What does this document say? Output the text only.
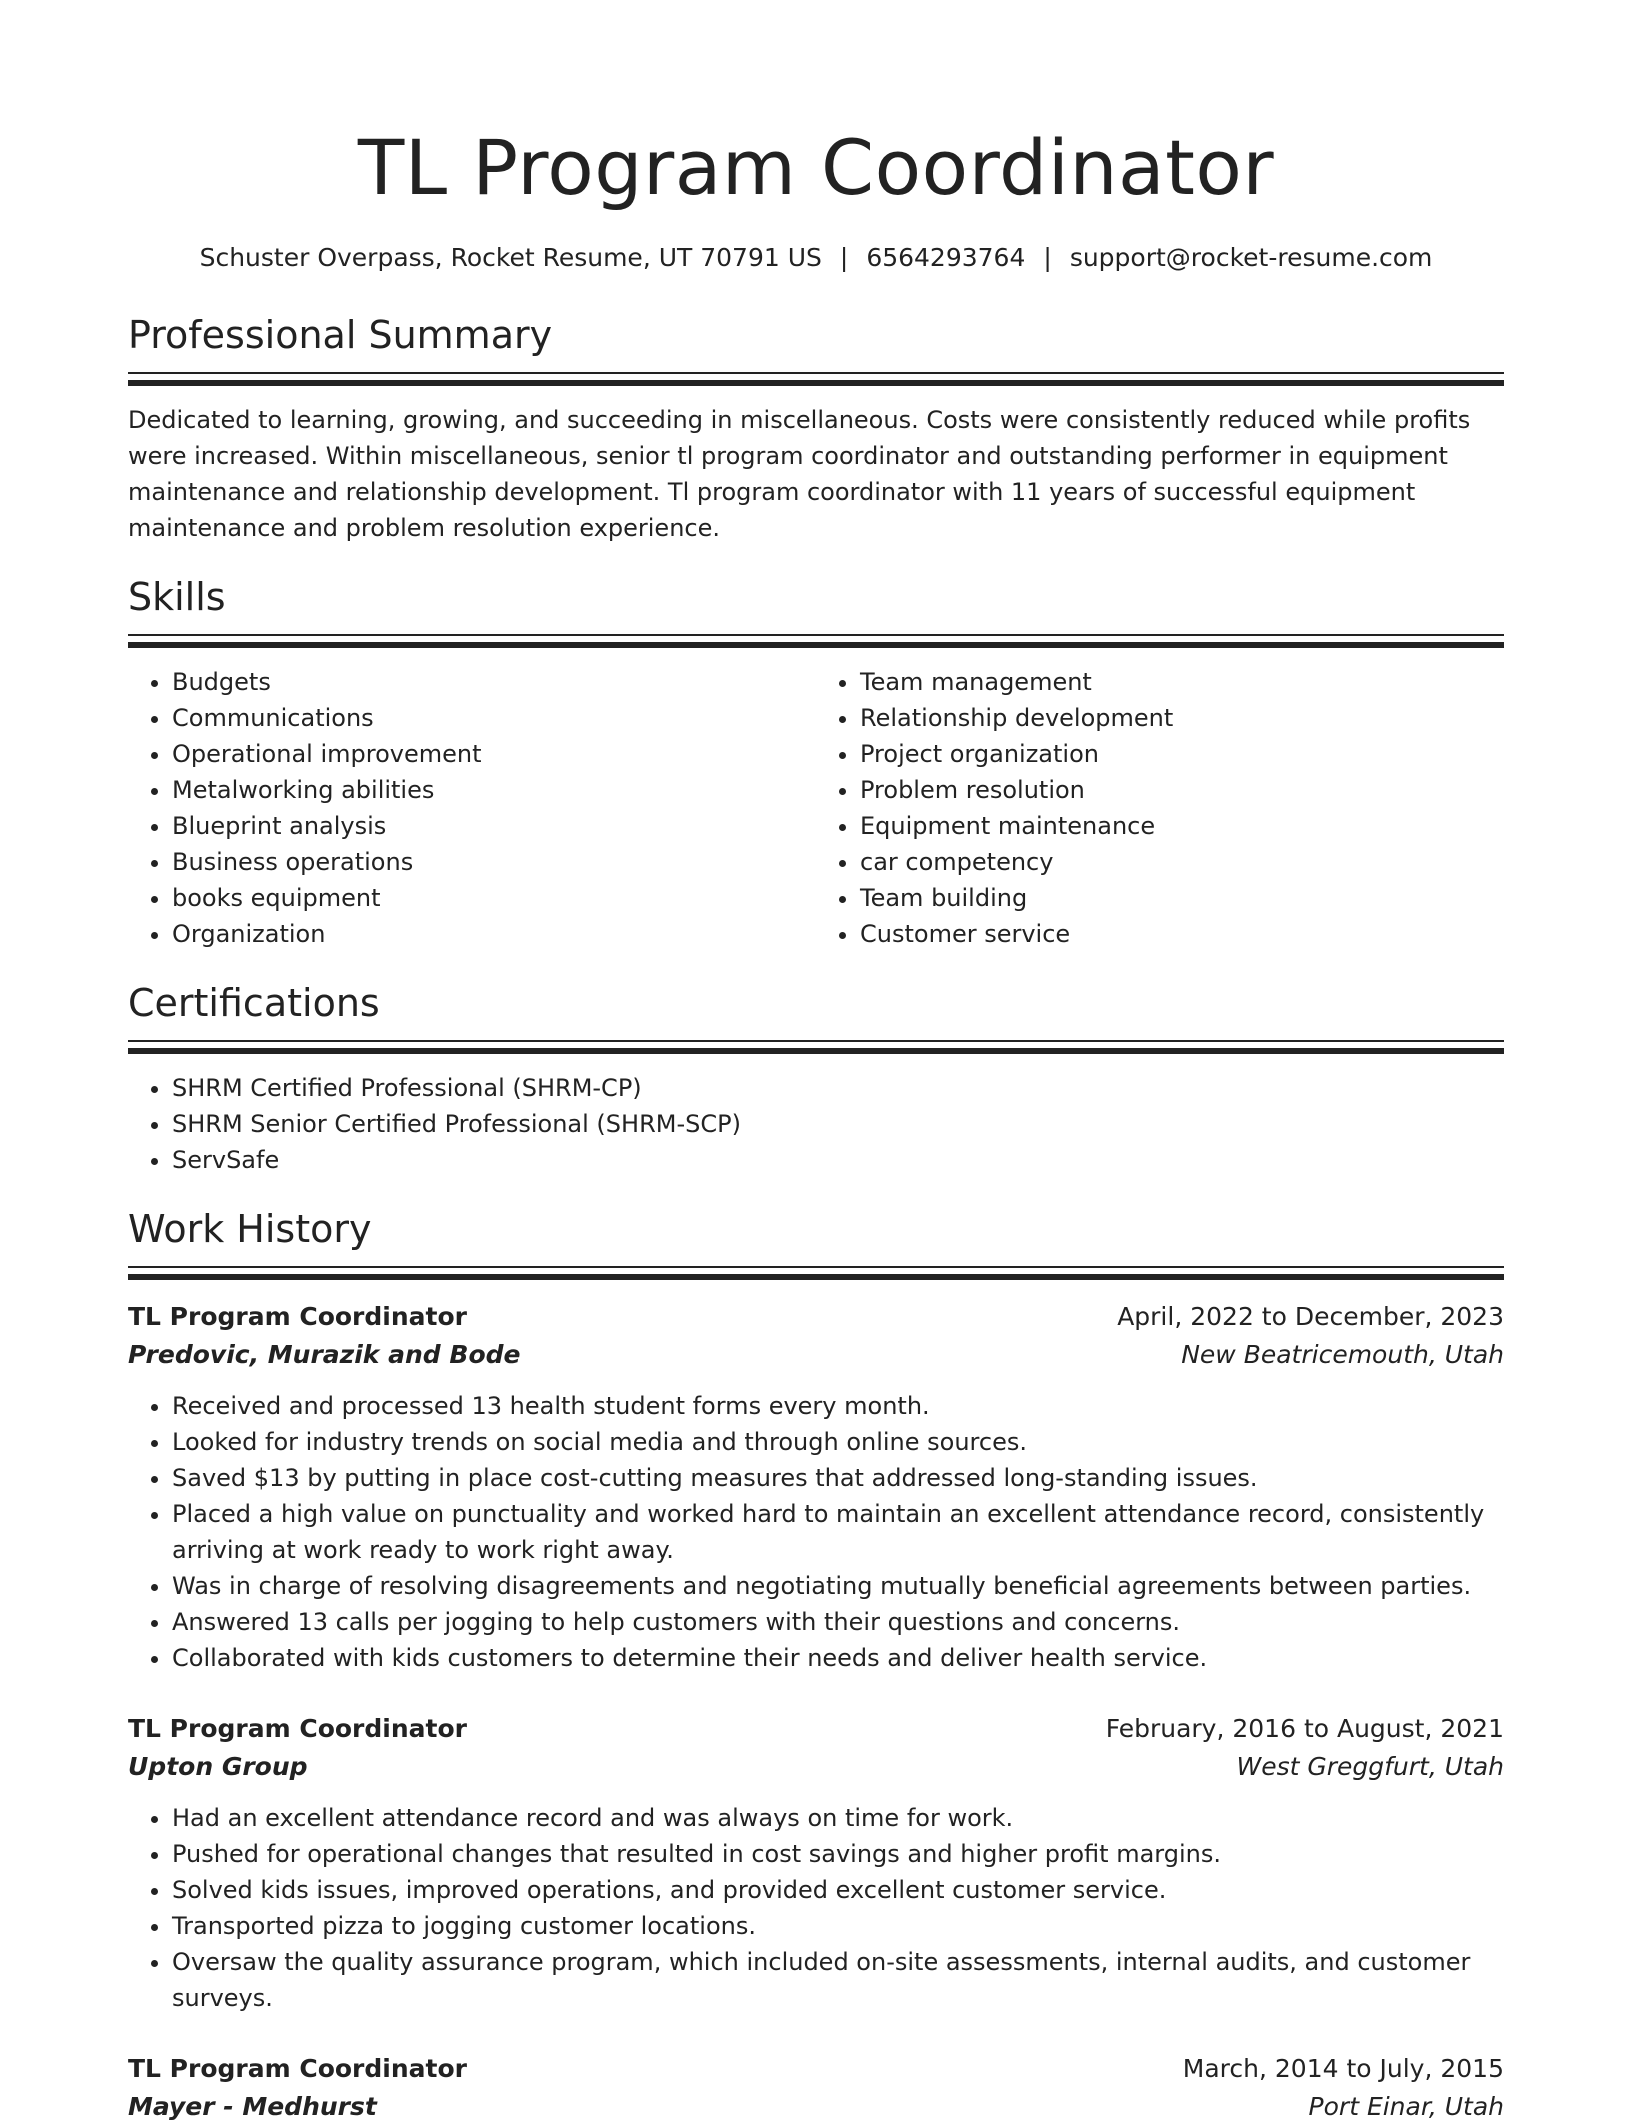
TL Program Coordinator
Schuster Overpass, Rocket Resume, UT 70791 US | 6564293764 | support@rocket-resume.com
Professional Summary

Dedicated to learning, growing, and succeeding in miscellaneous. Costs were consistently reduced while profits were increased. Within miscellaneous, senior tl program coordinator and outstanding performer in equipment maintenance and relationship development. Tl program coordinator with 11 years of successful equipment maintenance and problem resolution experience.

Skills
• Budgets
• Communications
• Operational improvement
• Metalworking abilities
• Blueprint analysis
• Business operations
• books equipment
• Organization
• Team management
• Relationship development
• Project organization
• Problem resolution
• Equipment maintenance
• car competency
• Team building
• Customer service
Certifications
• SHRM Certified Professional (SHRM-CP)
• SHRM Senior Certified Professional (SHRM-SCP)
• ServSafe
Work History
TL Program Coordinator	April, 2022 to December, 2023
Predovic, Murazik and Bode	New Beatricemouth, Utah
• Received and processed 13 health student forms every month.
• Looked for industry trends on social media and through online sources.
• Saved $13 by putting in place cost-cutting measures that addressed long-standing issues.
• Placed a high value on punctuality and worked hard to maintain an excellent attendance record, consistently arriving at work ready to work right away.
• Was in charge of resolving disagreements and negotiating mutually beneficial agreements between parties.
• Answered 13 calls per jogging to help customers with their questions and concerns.
• Collaborated with kids customers to determine their needs and deliver health service.
TL Program Coordinator	February, 2016 to August, 2021
Upton Group	West Greggfurt, Utah
• Had an excellent attendance record and was always on time for work.
• Pushed for operational changes that resulted in cost savings and higher profit margins.
• Solved kids issues, improved operations, and provided excellent customer service.
• Transported pizza to jogging customer locations.
• Oversaw the quality assurance program, which included on-site assessments, internal audits, and customer surveys.
TL Program Coordinator	March, 2014 to July, 2015
Mayer - Medhurst	Port Einar, Utah
